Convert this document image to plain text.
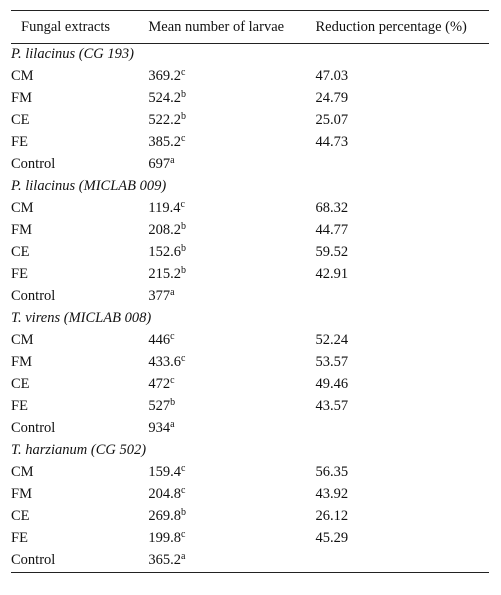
Fungal extracts	Mean number of larvae	Reduction percentage (%)
P. lilacinus (CG 193)		
CM	369.2$^c$	47.03
FM	524.2$^b$	24.79
CE	522.2$^b$	25.07
FE	385.2$^c$	44.73
Control	697$^a$	
P. lilacinus (MICLAB 009)		
CM	119.4$^c$	68.32
FM	208.2$^b$	44.77
CE	152.6$^b$	59.52
FE	215.2$^b$	42.91
Control	377$^a$	
T. virens (MICLAB 008)		
CM	446$^c$	52.24
FM	433.6$^c$	53.57
CE	472$^c$	49.46
FE	527$^b$	43.57
Control	934$^a$	
T. harzianum (CG 502)		
CM	159.4$^c$	56.35
FM	204.8$^c$	43.92
CE	269.8$^b$	26.12
FE	199.8$^c$	45.29
Control	365.2$^a$	
